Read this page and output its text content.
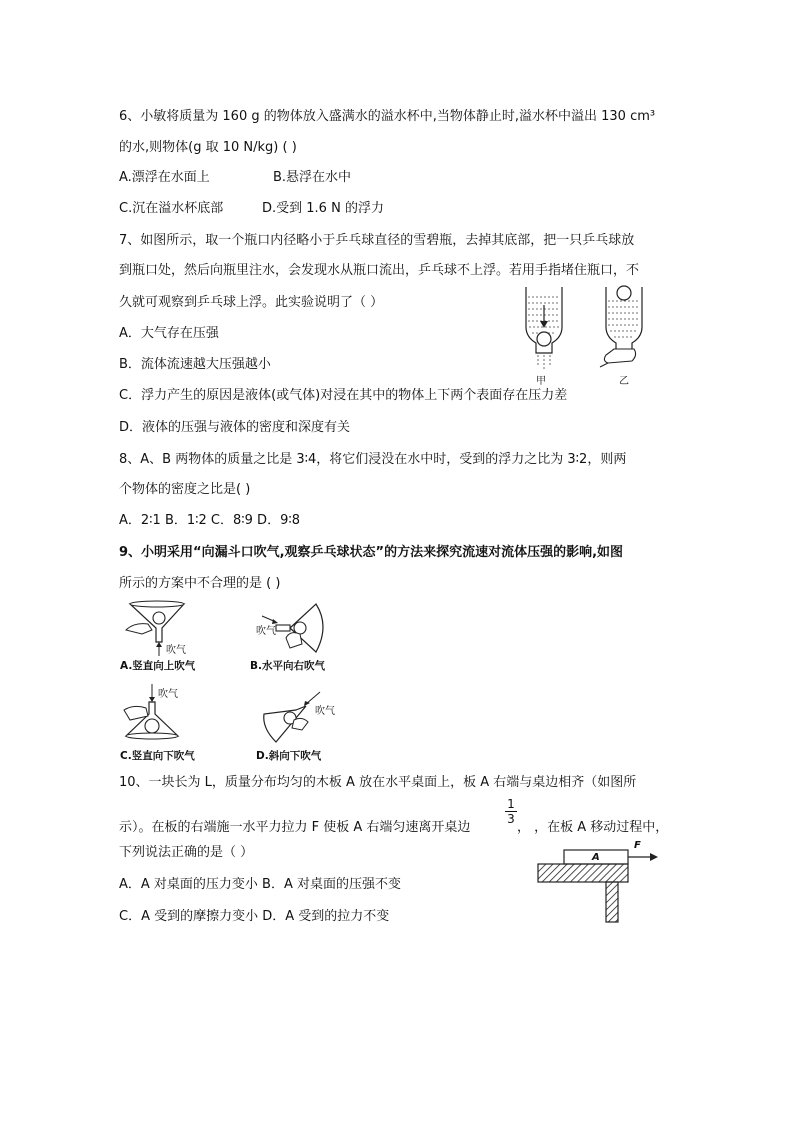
6、小敏将质量为 160 g 的物体放入盛满水的溢水杯中,当物体静止时,溢水杯中溢出 130 cm³
的水,则物体(g 取 10 N/kg) ( )
A.漂浮在水面上	B.悬浮在水中
C.沉在溢水杯底部	D.受到 1.6 N 的浮力
7、如图所示，取一个瓶口内径略小于乒乓球直径的雪碧瓶，去掉其底部，把一只乒乓球放
到瓶口处，然后向瓶里注水，会发现水从瓶口流出，乒乓球不上浮。若用手指堵住瓶口，不
久就可观察到乒乓球上浮。此实验说明了（ ）
A．大气存在压强
B．流体流速越大压强越小
C．浮力产生的原因是液体(或气体)对浸在其中的物体上下两个表面存在压力差
D．液体的压强与液体的密度和深度有关
甲	乙
8、A、B 两物体的质量之比是 3∶4，将它们浸没在水中时，受到的浮力之比为 3∶2，则两
个物体的密度之比是( )
A．2∶1 B．1∶2 C．8∶9 D．9∶8
9、小明采用“向漏斗口吹气,观察乒乓球状态”的方法来探究流速对流体压强的影响,如图
所示的方案中不合理的是 ( )
吹气
A.竖直向上吹气
吹气
B.水平向右吹气
吹气
C.竖直向下吹气
吹气
D.斜向下吹气
10、一块长为 L，质量分布均匀的木板 A 放在水平桌面上，板 A 右端与桌边相齐（如图所
示）。在板的右端施一水平力拉力 F 使板 A 右端匀速离开桌边
$\frac{1}{3}$
， ，在板 A 移动过程中，
下列说法正确的是（ ）
A．A 对桌面的压力变小 B．A 对桌面的压强不变
C．A 受到的摩擦力变小 D．A 受到的拉力不变
A
F
